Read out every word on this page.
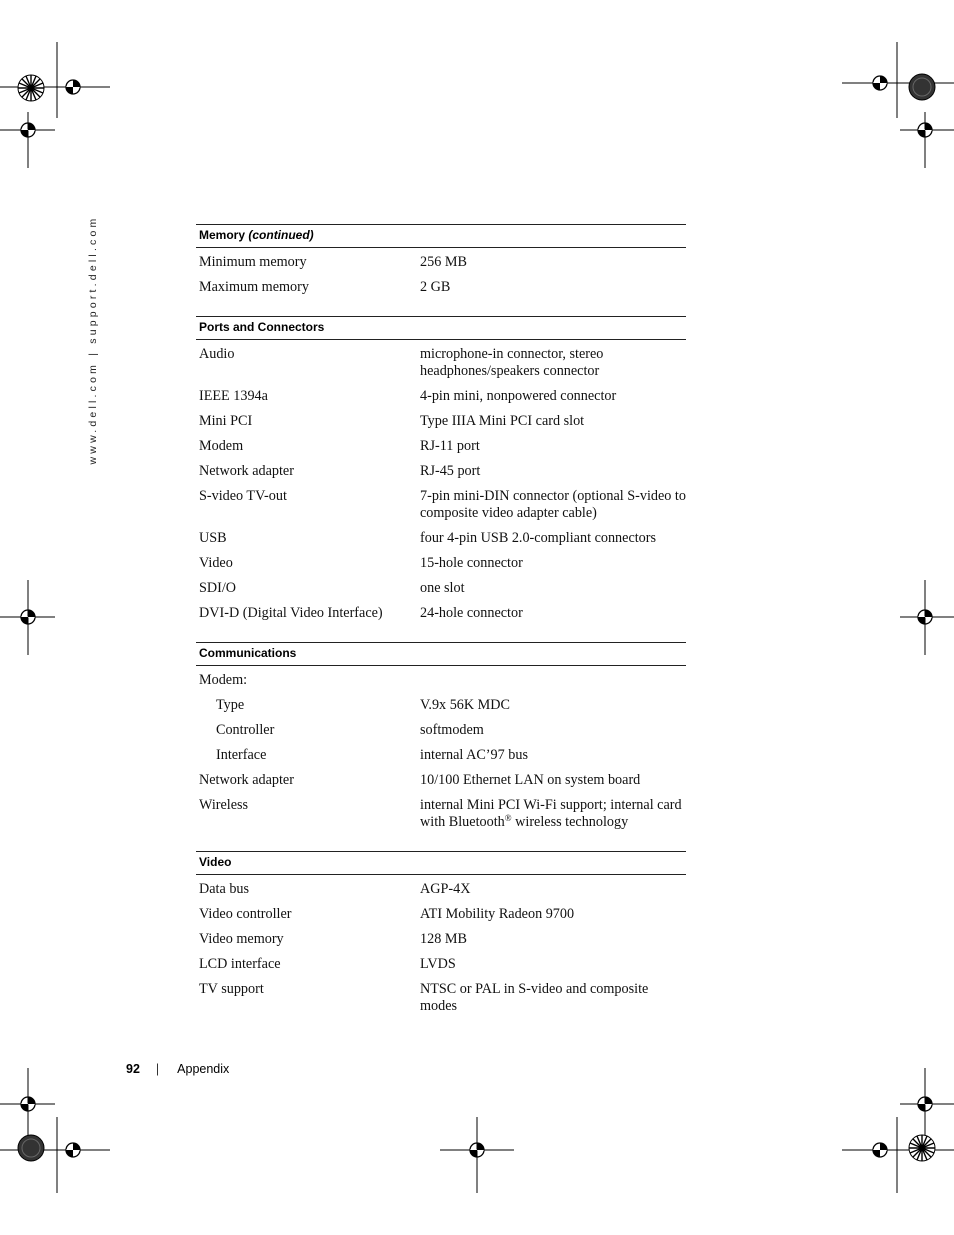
www.dell.com | support.dell.com	Memory (continued)
Minimum memory	256 MB
Maximum memory	2 GB
Ports and Connectors
Audio	microphone-in connector, stereo headphones/speakers connector
IEEE 1394a	4-pin mini, nonpowered connector
Mini PCI	Type IIIA Mini PCI card slot
Modem	RJ-11 port
Network adapter	RJ-45 port
S-video TV-out	7-pin mini-DIN connector (optional S-video to composite video adapter cable)
USB	four 4-pin USB 2.0-compliant connectors
Video	15-hole connector
SDI/O	one slot
DVI-D (Digital Video Interface)	24-hole connector
Communications
Modem:
Type	V.9x 56K MDC
Controller	softmodem
Interface	internal AC’97 bus
Network adapter	10/100 Ethernet LAN on system board
Wireless	internal Mini PCI Wi-Fi support; internal card with Bluetooth® wireless technology
Video
Data bus	AGP-4X
Video controller	ATI Mobility Radeon 9700
Video memory	128 MB
LCD interface	LVDS
TV support	NTSC or PAL in S-video and composite modes
92 | Appendix
